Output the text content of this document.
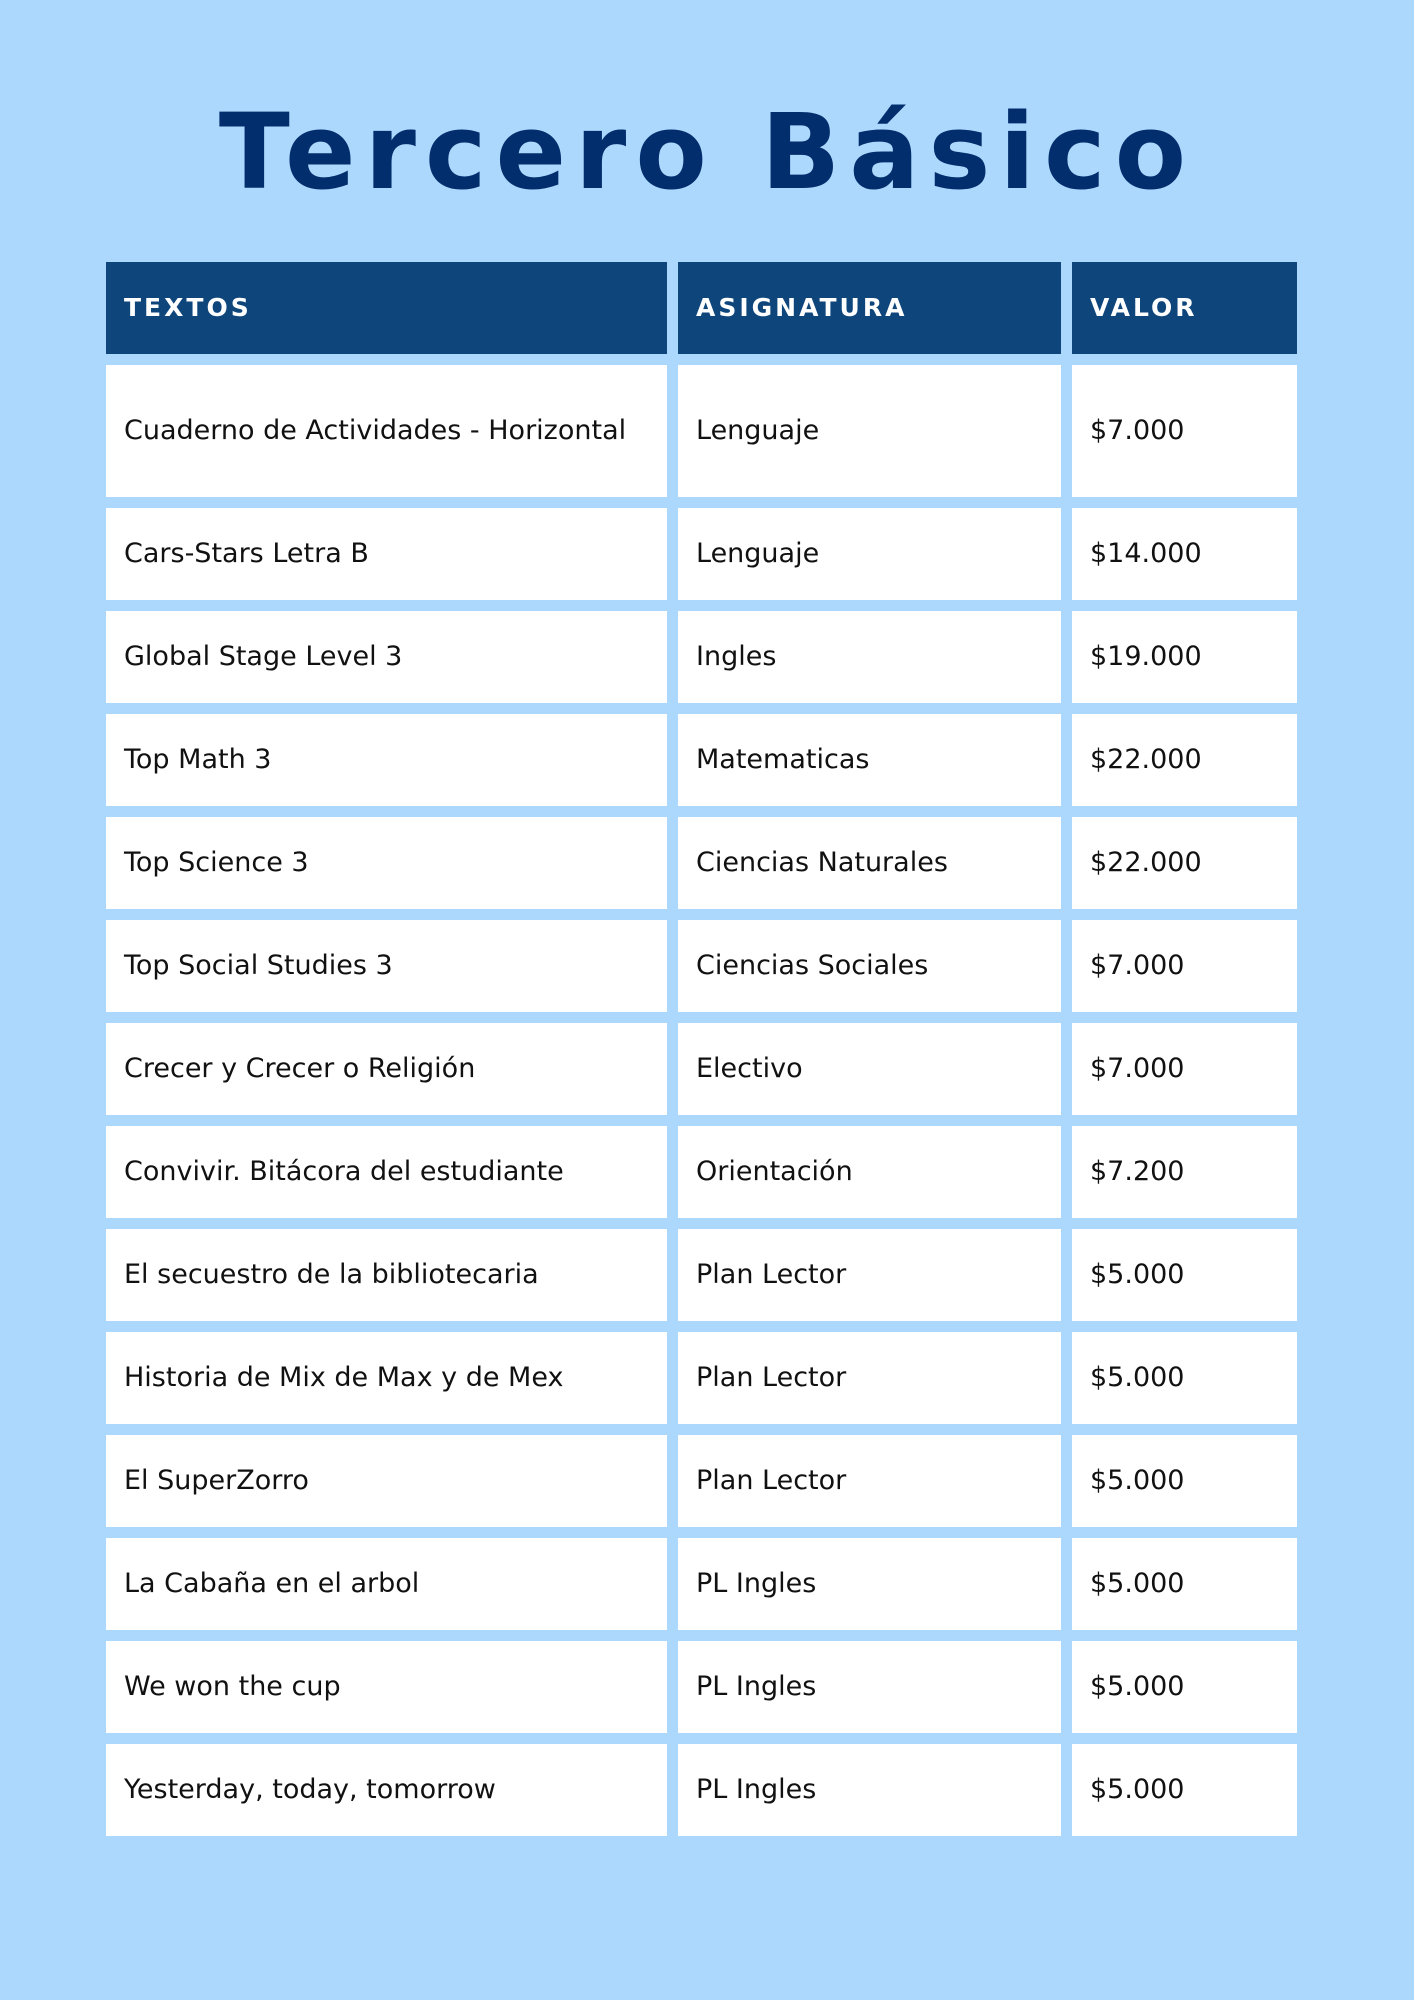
Tercero Básico
TEXTOS	ASIGNATURA	VALOR
Cuaderno de Actividades - Horizontal	Lenguaje	$7.000
Cars-Stars Letra B	Lenguaje	$14.000
Global Stage Level 3	Ingles	$19.000
Top Math 3	Matematicas	$22.000
Top Science 3	Ciencias Naturales	$22.000
Top Social Studies 3	Ciencias Sociales	$7.000
Crecer y Crecer o Religión	Electivo	$7.000
Convivir. Bitácora del estudiante	Orientación	$7.200
El secuestro de la bibliotecaria	Plan Lector	$5.000
Historia de Mix de Max y de Mex	Plan Lector	$5.000
El SuperZorro	Plan Lector	$5.000
La Cabaña en el arbol	PL Ingles	$5.000
We won the cup	PL Ingles	$5.000
Yesterday, today, tomorrow	PL Ingles	$5.000
